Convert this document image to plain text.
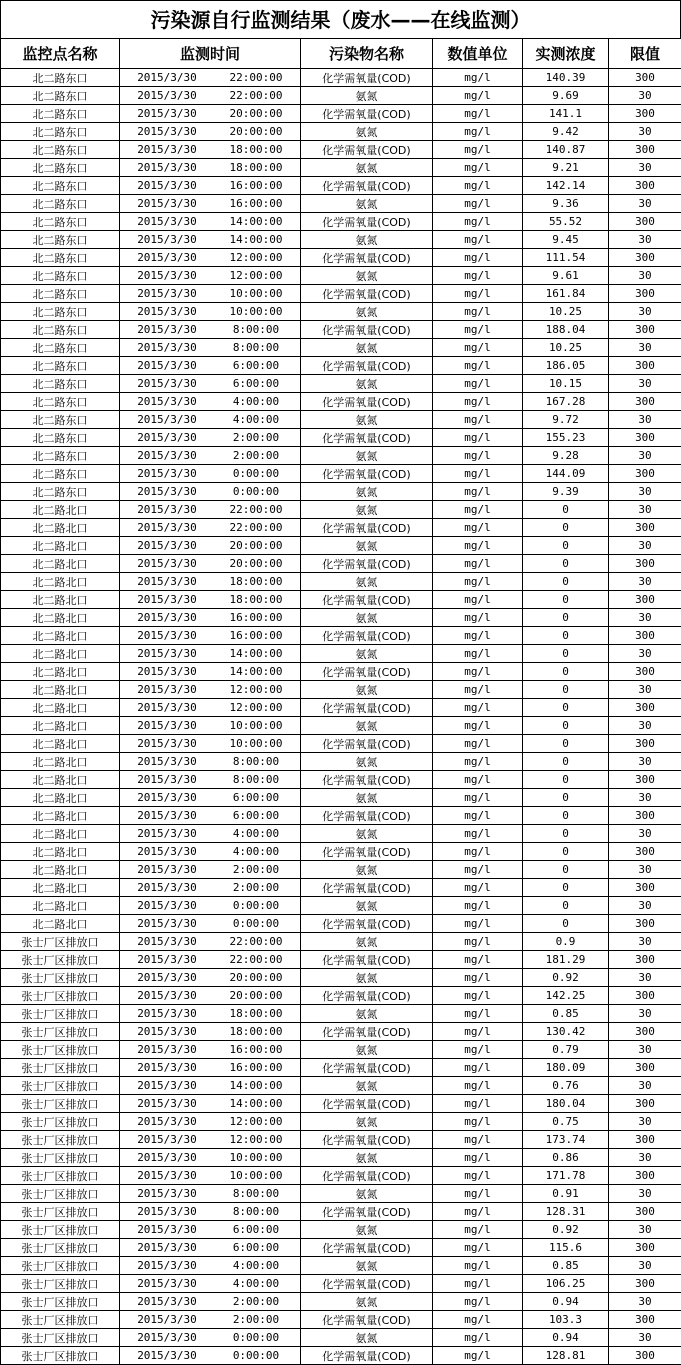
污染源自行监测结果（废水——在线监测）
监控点名称	监测时间	污染物名称	数值单位	实测浓度	限值
北二路东口	2015/3/30 22:00:00	化学需氧量(COD)	mg/l	140.39	300
北二路东口	2015/3/30 22:00:00	氨氮	mg/l	9.69	30
北二路东口	2015/3/30 20:00:00	化学需氧量(COD)	mg/l	141.1	300
北二路东口	2015/3/30 20:00:00	氨氮	mg/l	9.42	30
北二路东口	2015/3/30 18:00:00	化学需氧量(COD)	mg/l	140.87	300
北二路东口	2015/3/30 18:00:00	氨氮	mg/l	9.21	30
北二路东口	2015/3/30 16:00:00	化学需氧量(COD)	mg/l	142.14	300
北二路东口	2015/3/30 16:00:00	氨氮	mg/l	9.36	30
北二路东口	2015/3/30 14:00:00	化学需氧量(COD)	mg/l	55.52	300
北二路东口	2015/3/30 14:00:00	氨氮	mg/l	9.45	30
北二路东口	2015/3/30 12:00:00	化学需氧量(COD)	mg/l	111.54	300
北二路东口	2015/3/30 12:00:00	氨氮	mg/l	9.61	30
北二路东口	2015/3/30 10:00:00	化学需氧量(COD)	mg/l	161.84	300
北二路东口	2015/3/30 10:00:00	氨氮	mg/l	10.25	30
北二路东口	2015/3/30 8:00:00	化学需氧量(COD)	mg/l	188.04	300
北二路东口	2015/3/30 8:00:00	氨氮	mg/l	10.25	30
北二路东口	2015/3/30 6:00:00	化学需氧量(COD)	mg/l	186.05	300
北二路东口	2015/3/30 6:00:00	氨氮	mg/l	10.15	30
北二路东口	2015/3/30 4:00:00	化学需氧量(COD)	mg/l	167.28	300
北二路东口	2015/3/30 4:00:00	氨氮	mg/l	9.72	30
北二路东口	2015/3/30 2:00:00	化学需氧量(COD)	mg/l	155.23	300
北二路东口	2015/3/30 2:00:00	氨氮	mg/l	9.28	30
北二路东口	2015/3/30 0:00:00	化学需氧量(COD)	mg/l	144.09	300
北二路东口	2015/3/30 0:00:00	氨氮	mg/l	9.39	30
北二路北口	2015/3/30 22:00:00	氨氮	mg/l	0	30
北二路北口	2015/3/30 22:00:00	化学需氧量(COD)	mg/l	0	300
北二路北口	2015/3/30 20:00:00	氨氮	mg/l	0	30
北二路北口	2015/3/30 20:00:00	化学需氧量(COD)	mg/l	0	300
北二路北口	2015/3/30 18:00:00	氨氮	mg/l	0	30
北二路北口	2015/3/30 18:00:00	化学需氧量(COD)	mg/l	0	300
北二路北口	2015/3/30 16:00:00	氨氮	mg/l	0	30
北二路北口	2015/3/30 16:00:00	化学需氧量(COD)	mg/l	0	300
北二路北口	2015/3/30 14:00:00	氨氮	mg/l	0	30
北二路北口	2015/3/30 14:00:00	化学需氧量(COD)	mg/l	0	300
北二路北口	2015/3/30 12:00:00	氨氮	mg/l	0	30
北二路北口	2015/3/30 12:00:00	化学需氧量(COD)	mg/l	0	300
北二路北口	2015/3/30 10:00:00	氨氮	mg/l	0	30
北二路北口	2015/3/30 10:00:00	化学需氧量(COD)	mg/l	0	300
北二路北口	2015/3/30 8:00:00	氨氮	mg/l	0	30
北二路北口	2015/3/30 8:00:00	化学需氧量(COD)	mg/l	0	300
北二路北口	2015/3/30 6:00:00	氨氮	mg/l	0	30
北二路北口	2015/3/30 6:00:00	化学需氧量(COD)	mg/l	0	300
北二路北口	2015/3/30 4:00:00	氨氮	mg/l	0	30
北二路北口	2015/3/30 4:00:00	化学需氧量(COD)	mg/l	0	300
北二路北口	2015/3/30 2:00:00	氨氮	mg/l	0	30
北二路北口	2015/3/30 2:00:00	化学需氧量(COD)	mg/l	0	300
北二路北口	2015/3/30 0:00:00	氨氮	mg/l	0	30
北二路北口	2015/3/30 0:00:00	化学需氧量(COD)	mg/l	0	300
张士厂区排放口	2015/3/30 22:00:00	氨氮	mg/l	0.9	30
张士厂区排放口	2015/3/30 22:00:00	化学需氧量(COD)	mg/l	181.29	300
张士厂区排放口	2015/3/30 20:00:00	氨氮	mg/l	0.92	30
张士厂区排放口	2015/3/30 20:00:00	化学需氧量(COD)	mg/l	142.25	300
张士厂区排放口	2015/3/30 18:00:00	氨氮	mg/l	0.85	30
张士厂区排放口	2015/3/30 18:00:00	化学需氧量(COD)	mg/l	130.42	300
张士厂区排放口	2015/3/30 16:00:00	氨氮	mg/l	0.79	30
张士厂区排放口	2015/3/30 16:00:00	化学需氧量(COD)	mg/l	180.09	300
张士厂区排放口	2015/3/30 14:00:00	氨氮	mg/l	0.76	30
张士厂区排放口	2015/3/30 14:00:00	化学需氧量(COD)	mg/l	180.04	300
张士厂区排放口	2015/3/30 12:00:00	氨氮	mg/l	0.75	30
张士厂区排放口	2015/3/30 12:00:00	化学需氧量(COD)	mg/l	173.74	300
张士厂区排放口	2015/3/30 10:00:00	氨氮	mg/l	0.86	30
张士厂区排放口	2015/3/30 10:00:00	化学需氧量(COD)	mg/l	171.78	300
张士厂区排放口	2015/3/30 8:00:00	氨氮	mg/l	0.91	30
张士厂区排放口	2015/3/30 8:00:00	化学需氧量(COD)	mg/l	128.31	300
张士厂区排放口	2015/3/30 6:00:00	氨氮	mg/l	0.92	30
张士厂区排放口	2015/3/30 6:00:00	化学需氧量(COD)	mg/l	115.6	300
张士厂区排放口	2015/3/30 4:00:00	氨氮	mg/l	0.85	30
张士厂区排放口	2015/3/30 4:00:00	化学需氧量(COD)	mg/l	106.25	300
张士厂区排放口	2015/3/30 2:00:00	氨氮	mg/l	0.94	30
张士厂区排放口	2015/3/30 2:00:00	化学需氧量(COD)	mg/l	103.3	300
张士厂区排放口	2015/3/30 0:00:00	氨氮	mg/l	0.94	30
张士厂区排放口	2015/3/30 0:00:00	化学需氧量(COD)	mg/l	128.81	300
